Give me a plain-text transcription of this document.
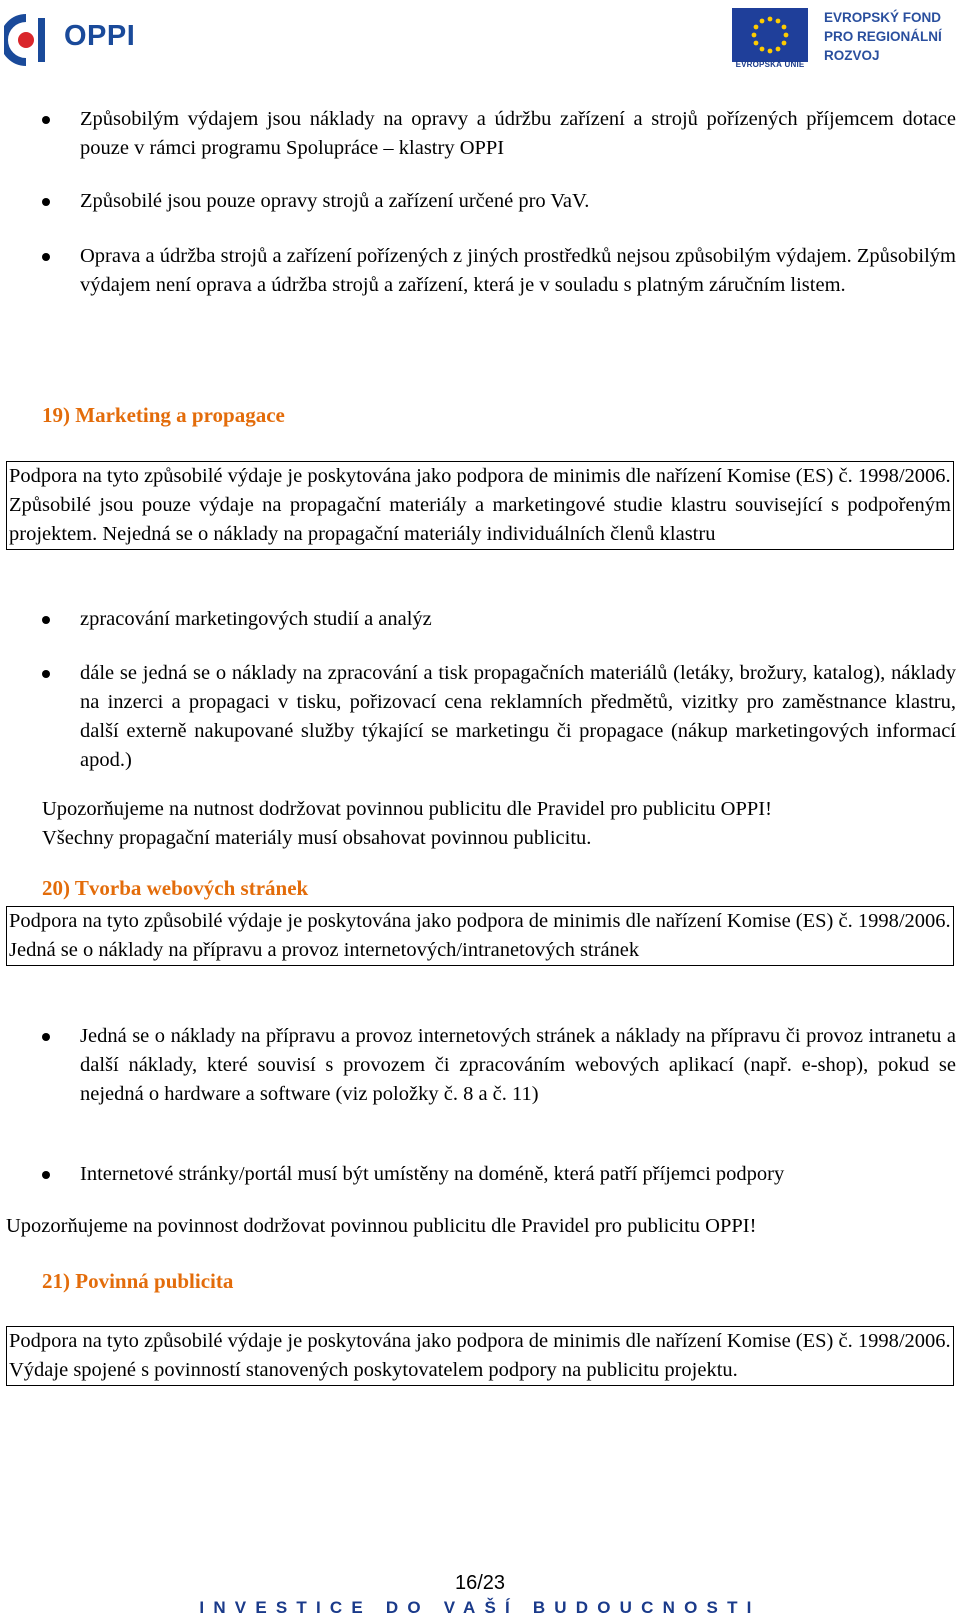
OPPI
EVROPSKÁ UNIE
EVROPSKÝ FOND
PRO REGIONÁLNÍ
ROZVOJ
Způsobilým výdajem jsou náklady na opravy a údržbu zařízení a strojů pořízených příjemcem dotace pouze v rámci programu Spolupráce – klastry OPPI
Způsobilé jsou pouze opravy strojů a zařízení určené pro VaV.
Oprava a údržba strojů a zařízení pořízených z jiných prostředků nejsou způsobilým výdajem. Způsobilým výdajem není oprava a údržba strojů a zařízení, která je v souladu s platným záručním listem.
19) Marketing a propagace

Podpora na tyto způsobilé výdaje je poskytována jako podpora de minimis dle nařízení Komise (ES) č. 1998/2006.

Způsobilé jsou pouze výdaje na propagační materiály a marketingové studie klastru související s podpořeným projektem. Nejedná se o náklady na propagační materiály individuálních členů klastru

zpracování marketingových studií a analýz
dále se jedná se o náklady na zpracování a tisk propagačních materiálů (letáky, brožury, katalog), náklady na inzerci a propagaci v tisku, pořizovací cena reklamních předmětů, vizitky pro zaměstnance klastru, další externě nakupované služby týkající se marketingu či propagace (nákup marketingových informací apod.)
Upozorňujeme na nutnost dodržovat povinnou publicitu dle Pravidel pro publicitu OPPI!
Všechny propagační materiály musí obsahovat povinnou publicitu.
20) Tvorba webových stránek

Podpora na tyto způsobilé výdaje je poskytována jako podpora de minimis dle nařízení Komise (ES) č. 1998/2006.

Jedná se o náklady na přípravu a provoz internetových/intranetových stránek

Jedná se o náklady na přípravu a provoz internetových stránek a náklady na přípravu či provoz intranetu a další náklady, které souvisí s provozem či zpracováním webových aplikací (např. e-shop), pokud se nejedná o hardware a software (viz položky č. 8 a č. 11)
Internetové stránky/portál musí být umístěny na doméně, která patří příjemci podpory
Upozorňujeme na povinnost dodržovat povinnou publicitu dle Pravidel pro publicitu OPPI!
21) Povinná publicita

Podpora na tyto způsobilé výdaje je poskytována jako podpora de minimis dle nařízení Komise (ES) č. 1998/2006.

Výdaje spojené s povinností stanovených poskytovatelem podpory na publicitu projektu.

16/23
INVESTICE DO VAŠÍ BUDOUCNOSTI
